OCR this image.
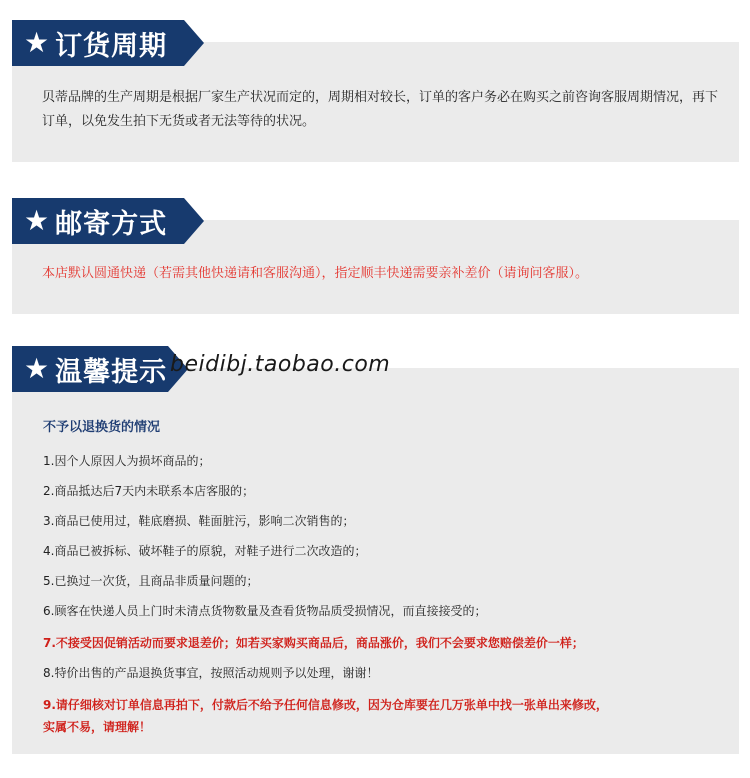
★ 订货周期
贝蒂品牌的生产周期是根据厂家生产状况而定的，周期相对较长，订单的客户务必在购买之前咨询客服周期情况，再下订单，以免发生拍下无货或者无法等待的状况。
★ 邮寄方式
本店默认圆通快递（若需其他快递请和客服沟通），指定顺丰快递需要亲补差价（请询问客服）。
★ 温馨提示 beidibj.taobao.com
不予以退换货的情况
1.因个人原因人为损坏商品的；
2.商品抵达后7天内未联系本店客服的；
3.商品已使用过，鞋底磨损、鞋面脏污，影响二次销售的；
4.商品已被拆标、破坏鞋子的原貌，对鞋子进行二次改造的；
5.已换过一次货，且商品非质量问题的；
6.顾客在快递人员上门时未清点货物数量及查看货物品质受损情况，而直接接受的；
7.不接受因促销活动而要求退差价；如若买家购买商品后，商品涨价，我们不会要求您赔偿差价一样；
8.特价出售的产品退换货事宜，按照活动规则予以处理，谢谢！
9.请仔细核对订单信息再拍下，付款后不给予任何信息修改，因为仓库要在几万张单中找一张单出来修改，
实属不易，请理解！
